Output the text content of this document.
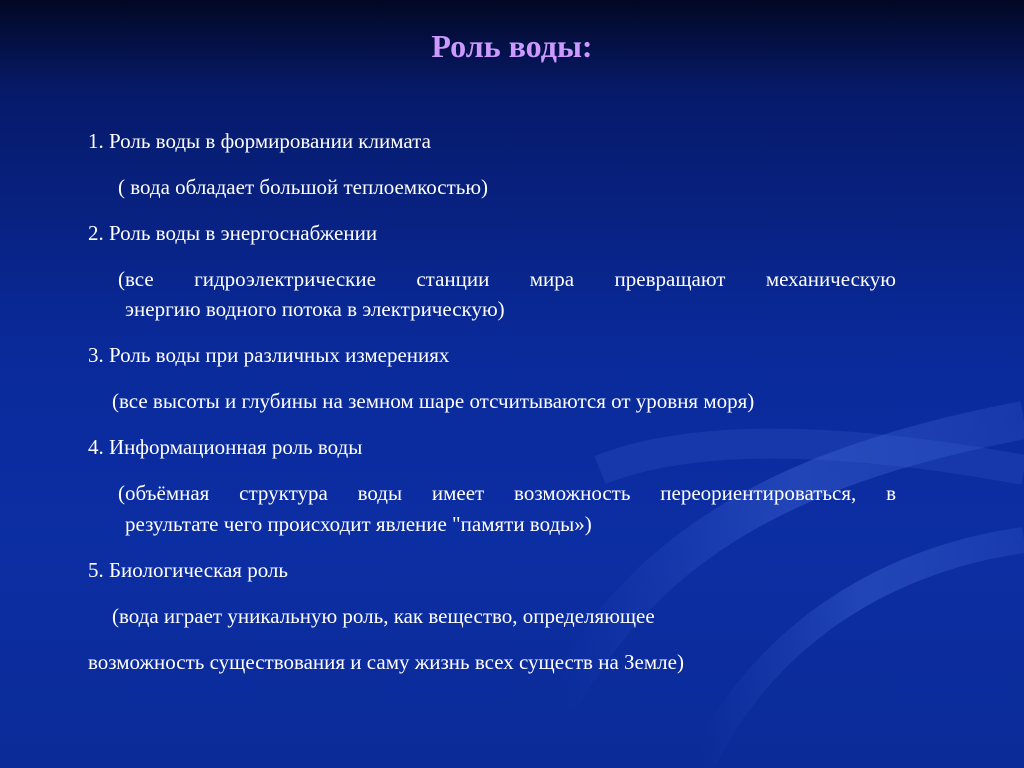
Роль воды:

1. Роль воды в формировании климата

( вода обладает большой теплоемкостью)

2. Роль воды в энергоснабжении

(все гидроэлектрические станции мира превращают механическую

энергию водного потока в электрическую)

3. Роль воды при различных измерениях

(все высоты и глубины на земном шаре отсчитываются от уровня моря)

4. Информационная роль воды

(объёмная структура воды имеет возможность переориентироваться, в

результате чего происходит явление "памяти воды»)

5. Биологическая роль

(вода играет уникальную роль, как вещество, определяющее

возможность существования и саму жизнь всех существ на Земле)
